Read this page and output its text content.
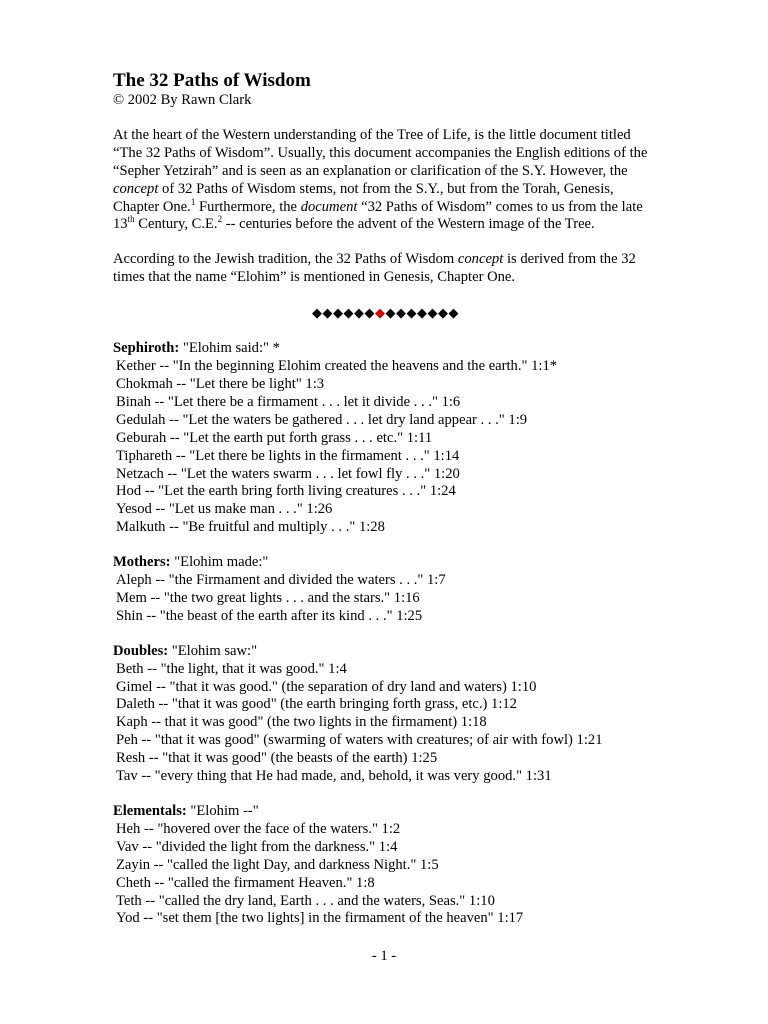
The 32 Paths of Wisdom

© 2002 By Rawn Clark

At the heart of the Western understanding of the Tree of Life, is the little document titled “The 32 Paths of Wisdom”. Usually, this document accompanies the English editions of the “Sepher Yetzirah” and is seen as an explanation or clarification of the S.Y. However, the concept of 32 Paths of Wisdom stems, not from the S.Y., but from the Torah, Genesis, Chapter One.$^1$ Furthermore, the document “32 Paths of Wisdom” comes to us from the late 13th Century, C.E.$^2$ -- centuries before the advent of the Western image of the Tree.

According to the Jewish tradition, the 32 Paths of Wisdom concept is derived from the 32 times that the name “Elohim” is mentioned in Genesis, Chapter One.

◆◆◆◆◆◆◆◆◆◆◆◆◆◆

Sephiroth: "Elohim said:" *

Kether -- "In the beginning Elohim created the heavens and the earth." 1:1*

Chokmah -- "Let there be light" 1:3

Binah -- "Let there be a firmament . . . let it divide . . ." 1:6

Gedulah -- "Let the waters be gathered . . . let dry land appear . . ." 1:9

Geburah -- "Let the earth put forth grass . . . etc." 1:11

Tiphareth -- "Let there be lights in the firmament . . ." 1:14

Netzach -- "Let the waters swarm . . . let fowl fly . . ." 1:20

Hod -- "Let the earth bring forth living creatures . . ." 1:24

Yesod -- "Let us make man . . ." 1:26

Malkuth -- "Be fruitful and multiply . . ." 1:28

Mothers: "Elohim made:"

Aleph -- "the Firmament and divided the waters . . ." 1:7

Mem -- "the two great lights . . . and the stars." 1:16

Shin -- "the beast of the earth after its kind . . ." 1:25

Doubles: "Elohim saw:"

Beth -- "the light, that it was good." 1:4

Gimel -- "that it was good." (the separation of dry land and waters) 1:10

Daleth -- "that it was good" (the earth bringing forth grass, etc.) 1:12

Kaph -- that it was good" (the two lights in the firmament) 1:18

Peh -- "that it was good" (swarming of waters with creatures; of air with fowl) 1:21

Resh -- "that it was good" (the beasts of the earth) 1:25

Tav -- "every thing that He had made, and, behold, it was very good." 1:31

Elementals: "Elohim --"

Heh -- "hovered over the face of the waters." 1:2

Vav -- "divided the light from the darkness." 1:4

Zayin -- "called the light Day, and darkness Night." 1:5

Cheth -- "called the firmament Heaven." 1:8

Teth -- "called the dry land, Earth . . . and the waters, Seas." 1:10

Yod -- "set them [the two lights] in the firmament of the heaven" 1:17

- 1 -
